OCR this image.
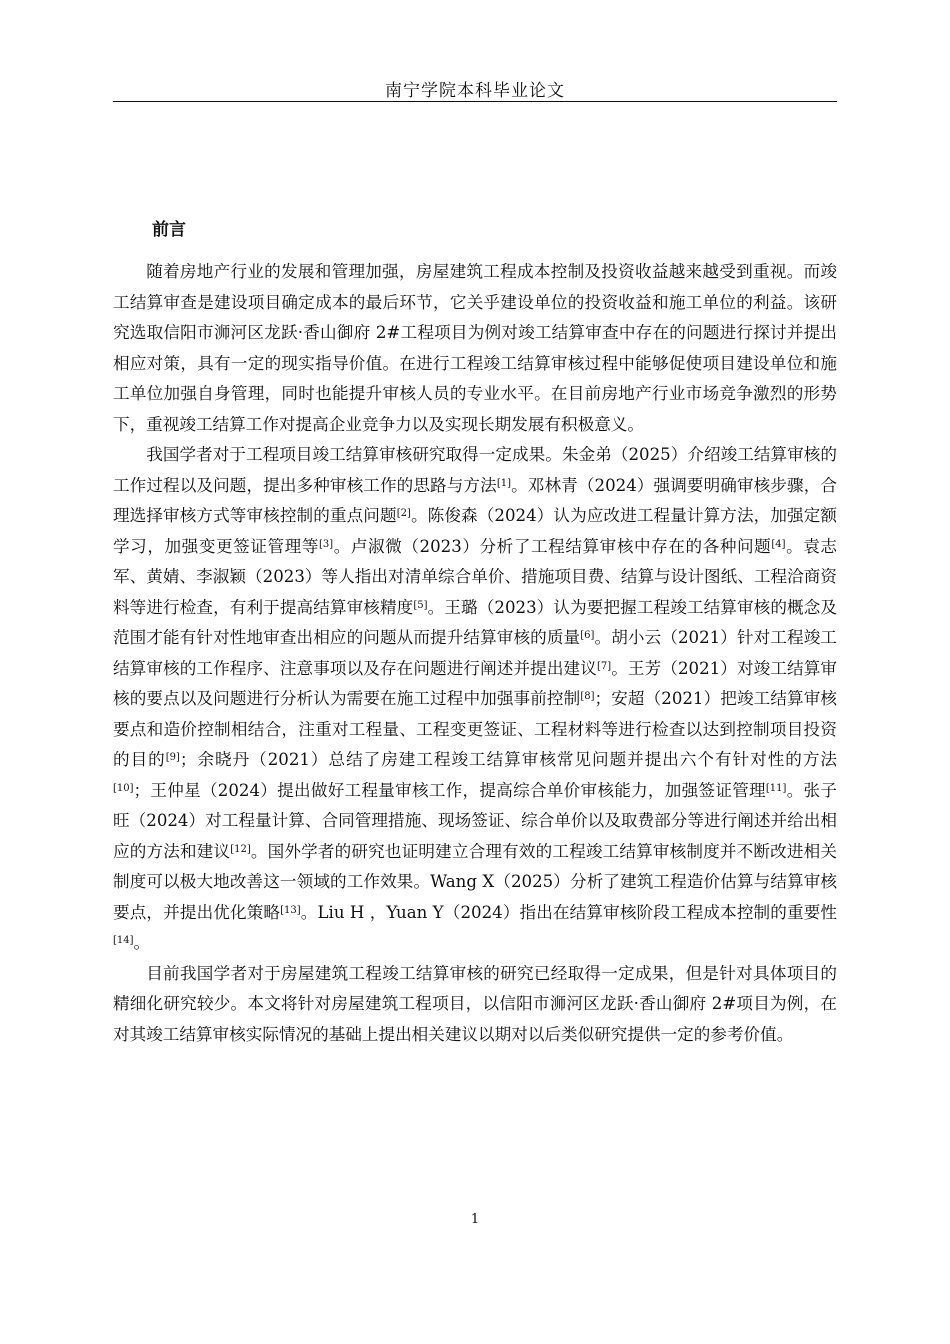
南宁学院本科毕业论文
前言

随着房地产行业的发展和管理加强，房屋建筑工程成本控制及投资收益越来越受到重视。而竣工结算审查是建设项目确定成本的最后环节，它关乎建设单位的投资收益和施工单位的利益。该研究选取信阳市浉河区龙跃·香山御府 2#工程项目为例对竣工结算审查中存在的问题进行探讨并提出相应对策，具有一定的现实指导价值。在进行工程竣工结算审核过程中能够促使项目建设单位和施工单位加强自身管理，同时也能提升审核人员的专业水平。在目前房地产行业市场竞争激烈的形势下，重视竣工结算工作对提高企业竞争力以及实现长期发展有积极意义。

我国学者对于工程项目竣工结算审核研究取得一定成果。朱金弟（2025）介绍竣工结算审核的工作过程以及问题，提出多种审核工作的思路与方法[1]。邓林青（2024）强调要明确审核步骤，合理选择审核方式等审核控制的重点问题[2]。陈俊森（2024）认为应改进工程量计算方法，加强定额学习，加强变更签证管理等[3]。卢淑微（2023）分析了工程结算审核中存在的各种问题[4]。袁志军、黄婧、李淑颖（2023）等人指出对清单综合单价、措施项目费、结算与设计图纸、工程洽商资料等进行检查，有利于提高结算审核精度[5]。王璐（2023）认为要把握工程竣工结算审核的概念及范围才能有针对性地审查出相应的问题从而提升结算审核的质量[6]。胡小云（2021）针对工程竣工结算审核的工作程序、注意事项以及存在问题进行阐述并提出建议[7]。王芳（2021）对竣工结算审核的要点以及问题进行分析认为需要在施工过程中加强事前控制[8]；安超（2021）把竣工结算审核要点和造价控制相结合，注重对工程量、工程变更签证、工程材料等进行检查以达到控制项目投资的目的[9]；余晓丹（2021）总结了房建工程竣工结算审核常见问题并提出六个有针对性的方法[10]；王仲星（2024）提出做好工程量审核工作，提高综合单价审核能力，加强签证管理[11]。张子旺（2024）对工程量计算、合同管理措施、现场签证、综合单价以及取费部分等进行阐述并给出相应的方法和建议[12]。国外学者的研究也证明建立合理有效的工程竣工结算审核制度并不断改进相关制度可以极大地改善这一领域的工作效果。Wang X（2025）分析了建筑工程造价估算与结算审核要点，并提出优化策略[13]。Liu H ，Yuan Y（2024）指出在结算审核阶段工程成本控制的重要性[14]。

目前我国学者对于房屋建筑工程竣工结算审核的研究已经取得一定成果，但是针对具体项目的精细化研究较少。本文将针对房屋建筑工程项目，以信阳市浉河区龙跃·香山御府 2#项目为例，在对其竣工结算审核实际情况的基础上提出相关建议以期对以后类似研究提供一定的参考价值。

1
